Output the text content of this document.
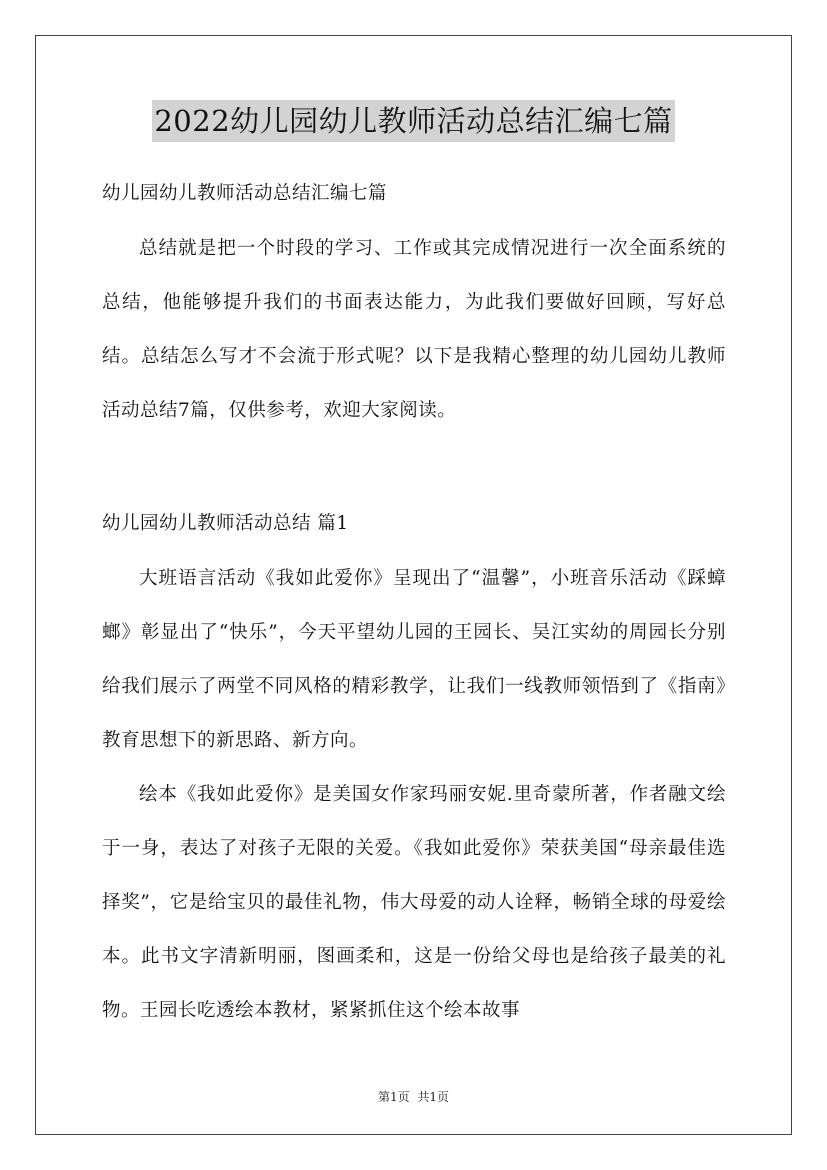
2022幼儿园幼儿教师活动总结汇编七篇

幼儿园幼儿教师活动总结汇编七篇

总结就是把一个时段的学习、工作或其完成情况进行一次全面系统的总结，他能够提升我们的书面表达能力，为此我们要做好回顾，写好总结。总结怎么写才不会流于形式呢？以下是我精心整理的幼儿园幼儿教师活动总结7篇，仅供参考，欢迎大家阅读。

幼儿园幼儿教师活动总结 篇1

大班语言活动《我如此爱你》呈现出了“温馨”，小班音乐活动《踩蟑螂》彰显出了“快乐”，今天平望幼儿园的王园长、吴江实幼的周园长分别给我们展示了两堂不同风格的精彩教学，让我们一线教师领悟到了《指南》教育思想下的新思路、新方向。

绘本《我如此爱你》是美国女作家玛丽安妮.里奇蒙所著，作者融文绘于一身，表达了对孩子无限的关爱。《我如此爱你》荣获美国“母亲最佳选择奖”，它是给宝贝的最佳礼物，伟大母爱的动人诠释，畅销全球的母爱绘本。此书文字清新明丽，图画柔和，这是一份给父母也是给孩子最美的礼物。王园长吃透绘本教材，紧紧抓住这个绘本故事

第1页 共1页
